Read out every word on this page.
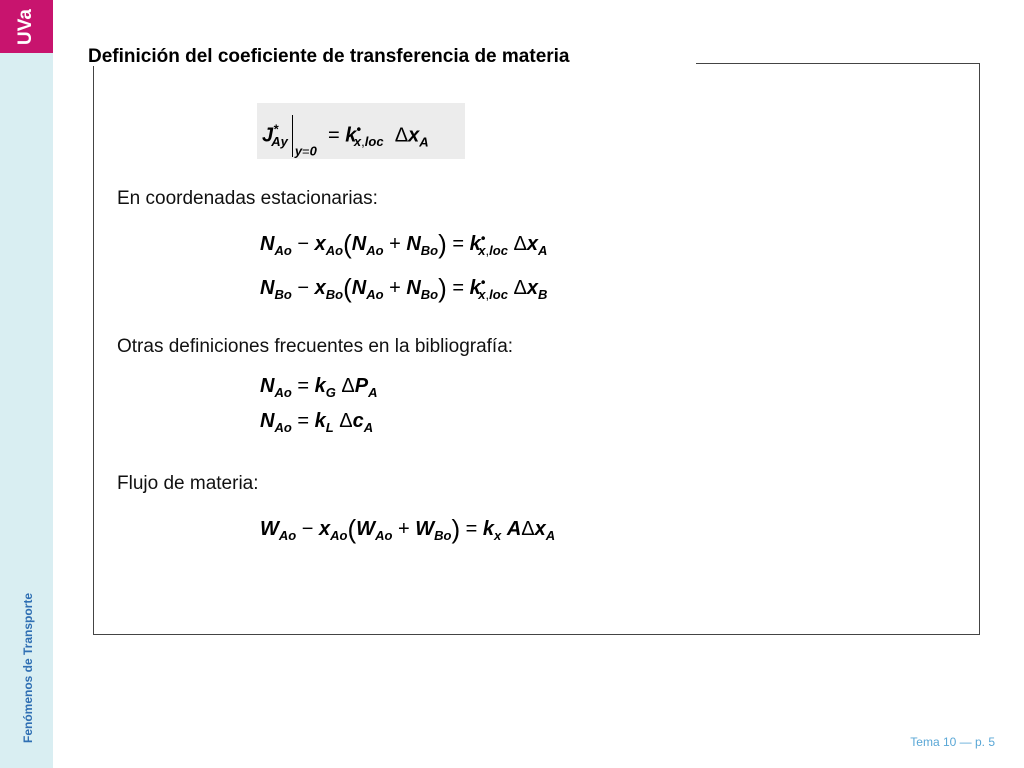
UVa
Fenómenos de Transporte
Definición del coeficiente de transferencia de materia
$J^*_{Ayy=0} = k^•_{x,loc}$  $\Delta x_A$
En coordenadas estacionarias:
$N_{Ao} - x_{Ao}(N_{Ao} + N_{Bo}) = k^•_{x,loc}$ $\Delta x_A$
$N_{Bo} - x_{Bo}(N_{Ao} + N_{Bo}) = k^•_{x,loc}$ $\Delta x_B$
Otras definiciones frecuentes en la bibliografía:
$N_{Ao} = k_G$ $\Delta P_A$
$N_{Ao} = k_L$ $\Delta c_A$
Flujo de materia:
$W_{Ao} - x_{Ao}(W_{Ao} + W_{Bo}) = k_x$ AΔx$_A$
Tema 10 — p. 5
